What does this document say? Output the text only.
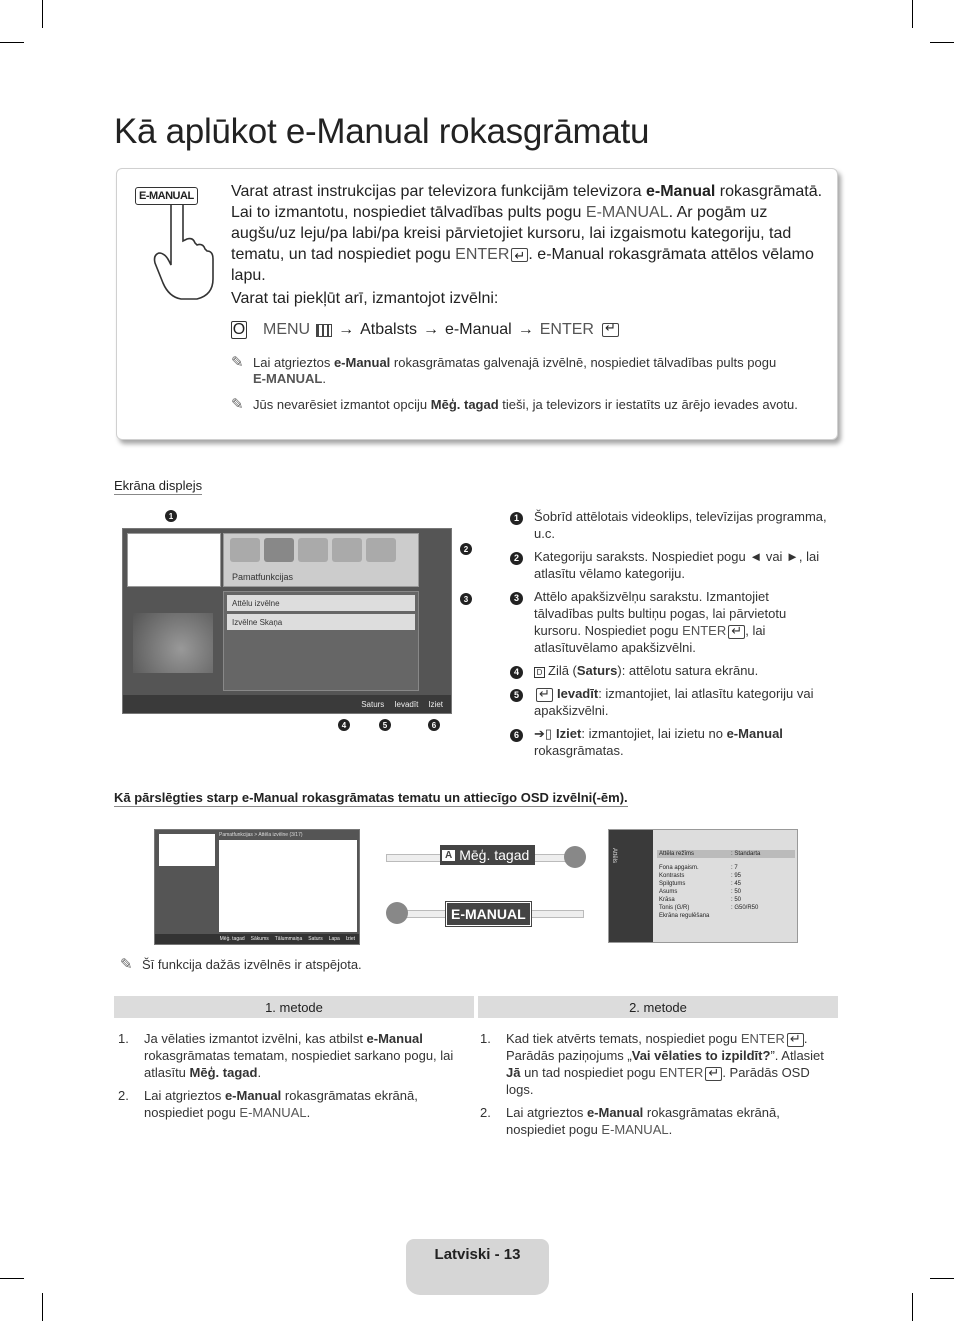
Kā aplūkot e-Manual rokasgrāmatu
E-MANUAL Varat atrast instrukcijas par televizora funkcijām televizora e-Manual rokasgrāmatā. Lai to izmantotu, nospiediet tālvadības pults pogu E-MANUAL. Ar pogām uz augšu/uz leju/pa labi/pa kreisi pārvietojiet kursoru, lai izgaismotu kategoriju, tad tematu, un tad nospiediet pogu ENTER ↵ . e-Manual rokasgrāmata attēlos vēlamo lapu.

Varat tai piekļūt arī, izmantojot izvēlni:

O MENU → Atbalsts → e-Manual → ENTER
↵
✎ Lai atgrieztos e-Manual rokasgrāmatas galvenajā izvēlnē, nospiediet tālvadības pults pogu
E-MANUAL.
✎ Jūs nevarēsiet izmantot opciju Mēģ. tagad tieši, ja televizors ir iestatīts uz ārējo ievades avotu.
Ekrāna displejs
Pamatfunkcijas
Attēlu izvēlne
Izvēlne Skaņa
Saturs Ievadīt Iziet
1
2
3
4	5	6
1	Šobrīd attēlotais videoklips, televīzijas programma, u.c.
2	Kategoriju saraksts. Nospiediet pogu ◄ vai ►, lai atlasītu vēlamo kategoriju.
3	Attēlo apakšizvēlņu sarakstu. Izmantojiet tālvadības pults bultiņu pogas, lai pārvietotu kursoru. Nospiediet pogu ENTER ↵ , lai atlasītuvēlamo apakšizvēlni.
4	D Zilā (Saturs): attēlotu satura ekrānu.
5 ↵	Ievadīt: izmantojiet, lai atlasītu kategoriju vai apakšizvēlni.
6	➔▯ Iziet: izmantojiet, lai izietu no e-Manual rokasgrāmatas.
Kā pārslēgties starp e-Manual rokasgrāmatas tematu un attiecīgo OSD izvēlni(-ēm).
Pamatfunkcijas > Attēla izvēlne (3/17)
Mēģ. tagad Sākums Tālummaiņa Saturs Lapa Iziet
A Mēģ. tagad
E-MANUAL
Attēls	Attēla režīms	: Standarta
Fona apgaism.	: 7
Kontrasts	: 95
Spilgtums	: 45
Asums	: 50
Krāsa	: 50
Tonis (G/R)	: G50/R50
Ekrāna regulēšana
✎ Šī funkcija dažās izvēlnēs ir atspējota.
1. metode	2. metode
1.	Ja vēlaties izmantot izvēlni, kas atbilst e-Manual rokasgrāmatas tematam, nospiediet sarkano pogu, lai atlasītu Mēģ. tagad.
2.	Lai atgrieztos e-Manual rokasgrāmatas ekrānā, nospiediet pogu E-MANUAL.
1.	Kad tiek atvērts temats, nospiediet pogu ENTER↵ . Parādās paziņojums „Vai vēlaties to izpildīt?”. Atlasiet Jā un tad nospiediet pogu ENTER ↵ . Parādās OSD logs.
2.	Lai atgrieztos e-Manual rokasgrāmatas ekrānā, nospiediet pogu E-MANUAL.
Latviski - 13
